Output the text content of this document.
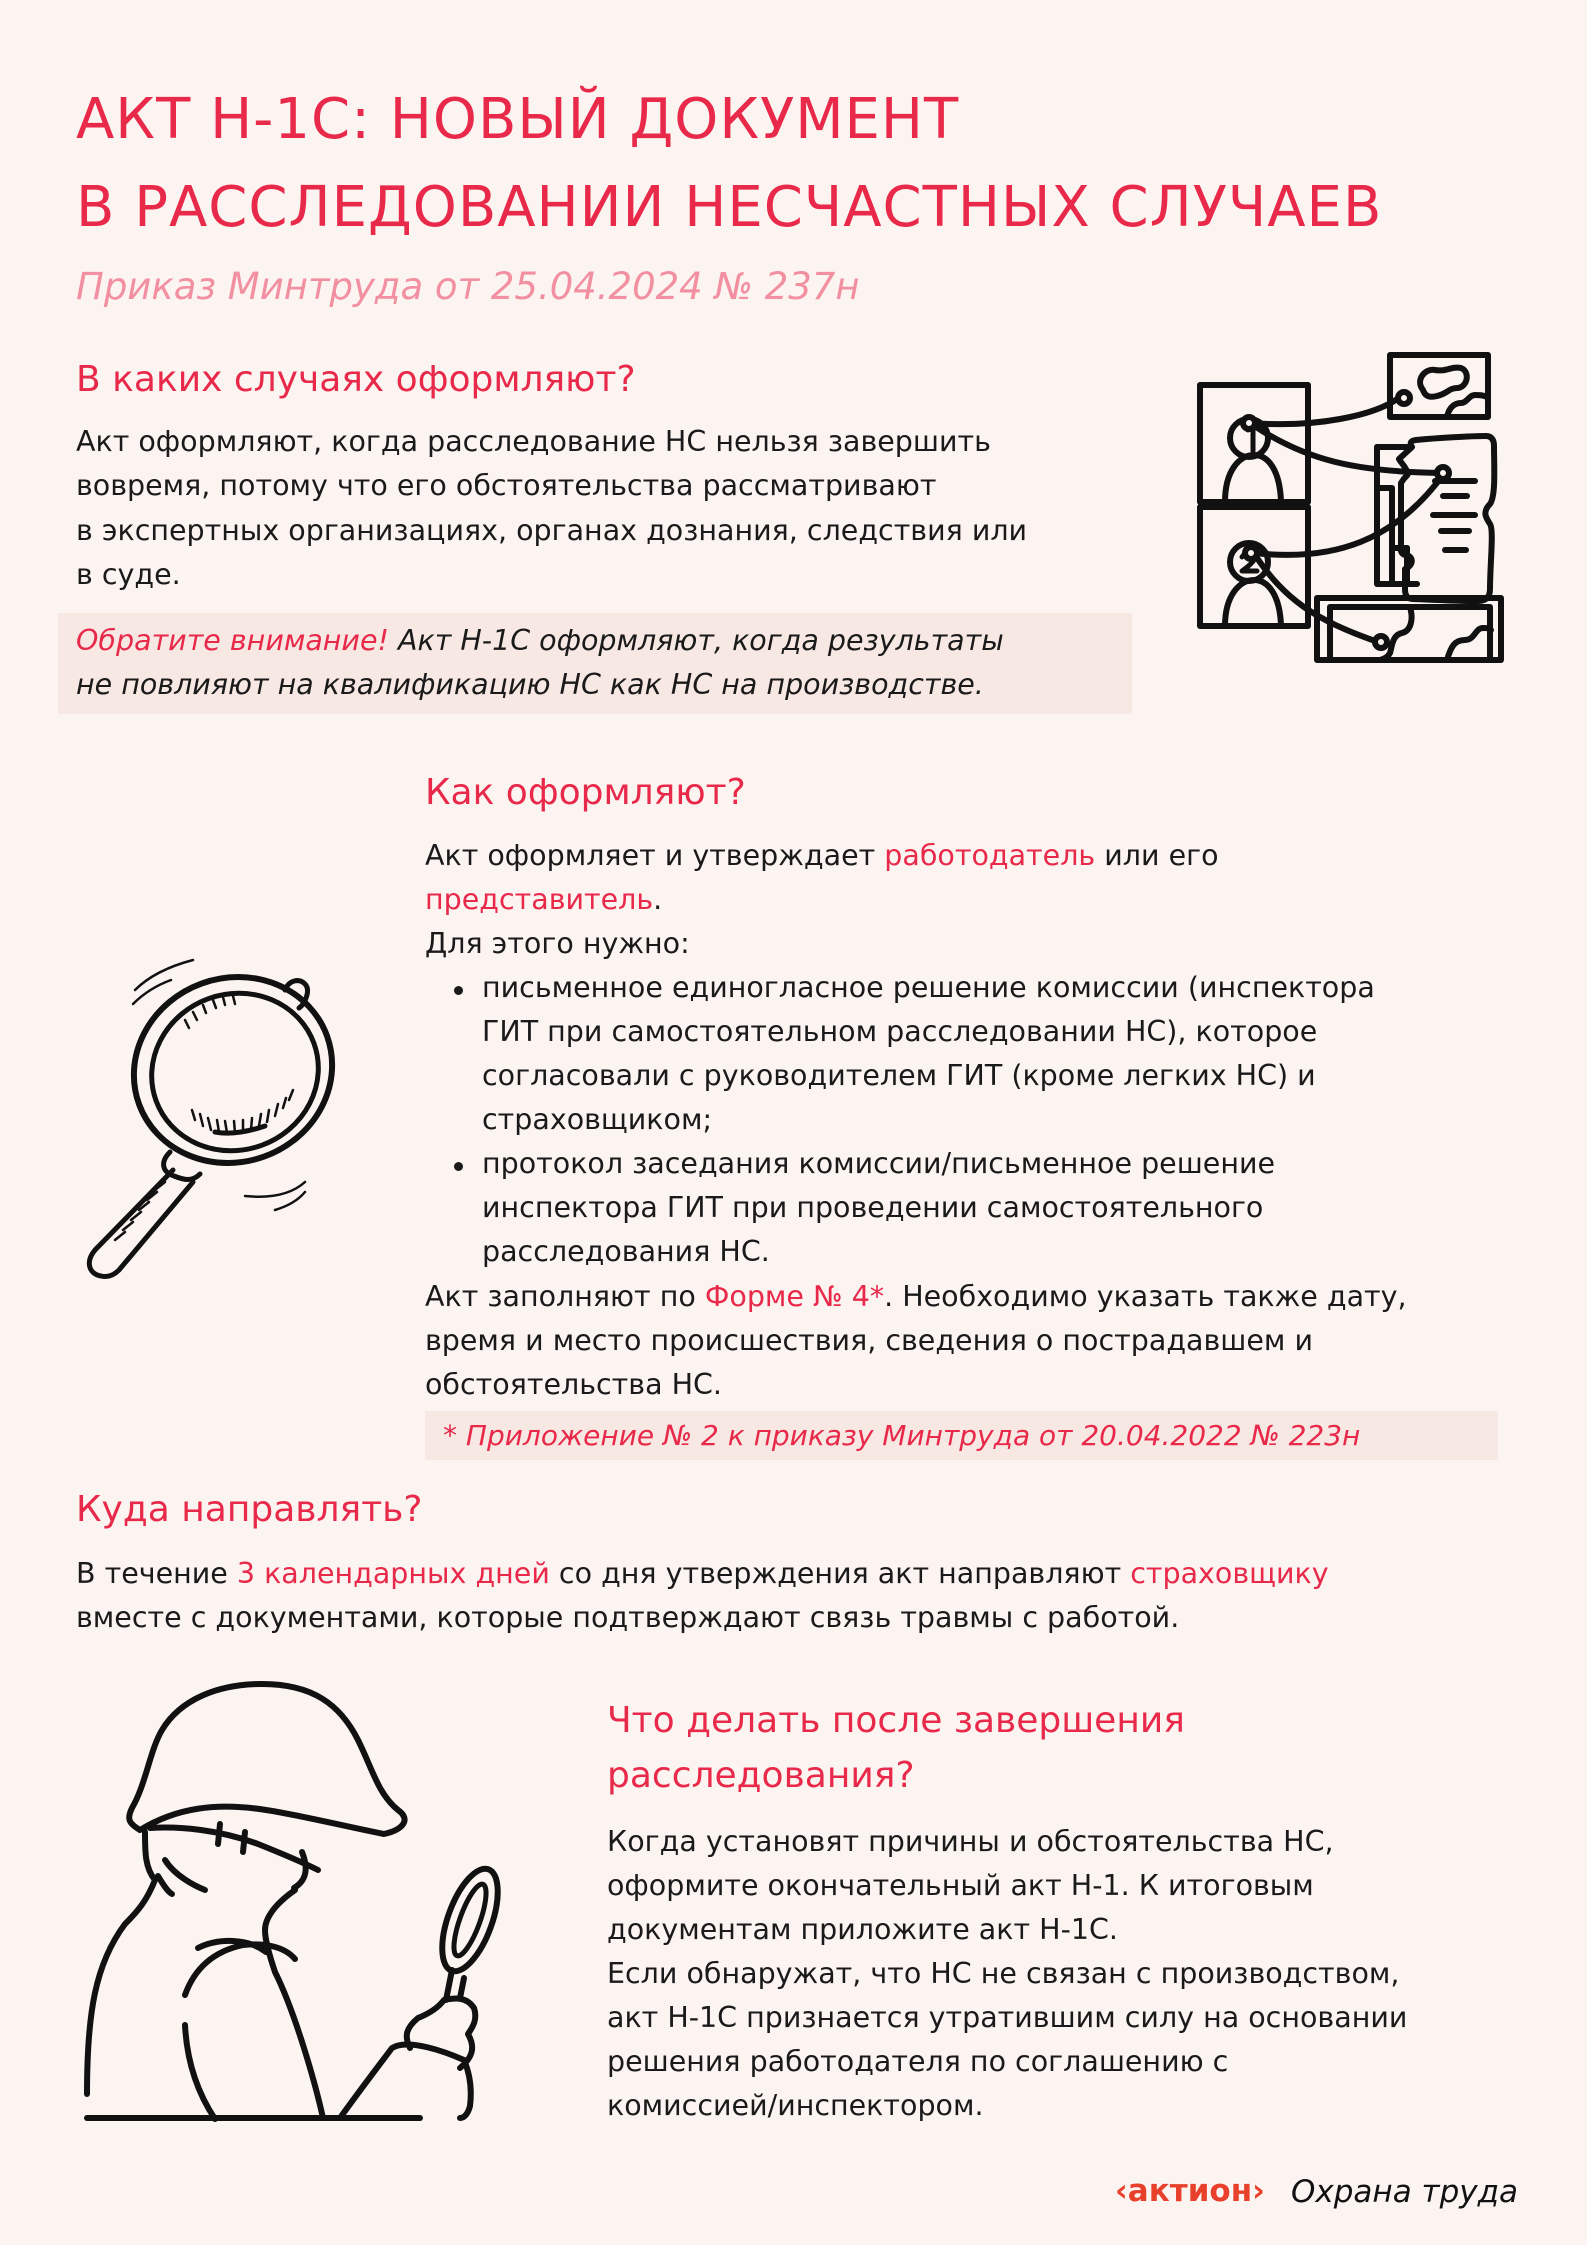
АКТ Н-1С: НОВЫЙ ДОКУМЕНТ
В РАССЛЕДОВАНИИ НЕСЧАСТНЫХ СЛУЧАЕВ
Приказ Минтруда от 25.04.2024 № 237н
В каких случаях оформляют?
Акт оформляют, когда расследование НС нельзя завершить
вовремя, потому что его обстоятельства рассматривают
в экспертных организациях, органах дознания, следствия или
в суде.
Обратите внимание! Акт Н-1С оформляют, когда результаты
не повлияют на квалификацию НС как НС на производстве.
Как оформляют?
Акт оформляет и утверждает работодатель или его
представитель.
Для этого нужно:
письменное единогласное решение комиссии (инспектора
ГИТ при самостоятельном расследовании НС), которое
согласовали с руководителем ГИТ (кроме легких НС) и
страховщиком;
протокол заседания комиссии/письменное решение
инспектора ГИТ при проведении самостоятельного
расследования НС.
Акт заполняют по Форме № 4*. Необходимо указать также дату,
время и место происшествия, сведения о пострадавшем и
обстоятельства НС.
* Приложение № 2 к приказу Минтруда от 20.04.2022 № 223н
Куда направлять?
В течение 3 календарных дней со дня утверждения акт направляют страховщику
вместе с документами, которые подтверждают связь травмы с работой.
Что делать после завершения
расследования?
Когда установят причины и обстоятельства НС,
оформите окончательный акт Н-1. К итоговым
документам приложите акт Н-1С.
Если обнаружат, что НС не связан с производством,
акт Н-1С признается утратившим силу на основании
решения работодателя по соглашению с
комиссией/инспектором.
‹актион› Охрана труда
